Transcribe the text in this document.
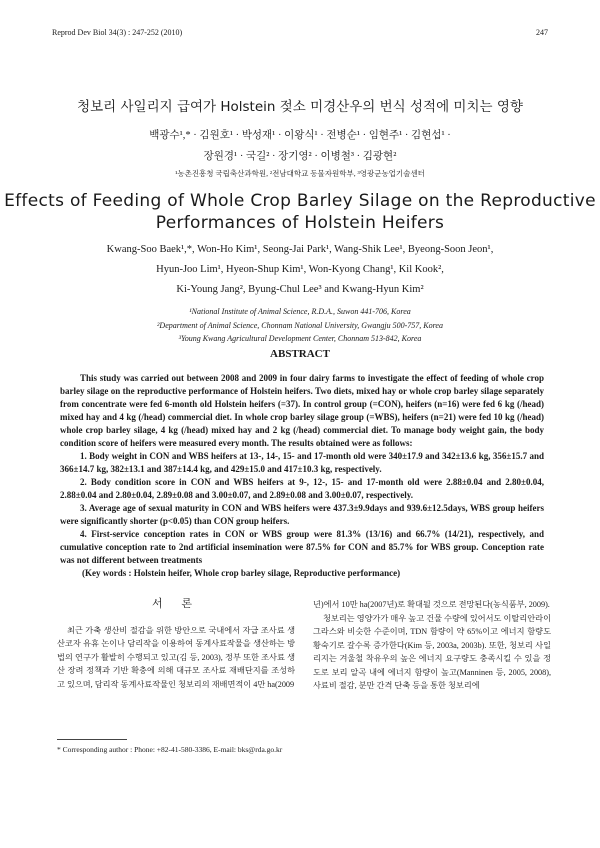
Reprod Dev Biol 34(3) : 247-252 (2010)	247
청보리 사일리지 급여가 Holstein 젖소 미경산우의 번식 성적에 미치는 영향
백광수¹,* · 김원호¹ · 박성재¹ · 이왕식¹ · 전병순¹ · 임현주¹ · 김현섭¹ ·
장원경¹ · 국길² · 장기영² · 이병철³ · 김광현²
¹농촌진흥청 국립축산과학원, ²전남대학교 동물자원학부, ³영광군농업기술센터
Effects of Feeding of Whole Crop Barley Silage on the Reproductive
Performances of Holstein Heifers
Kwang-Soo Baek¹,*, Won-Ho Kim¹, Seong-Jai Park¹, Wang-Shik Lee¹, Byeong-Soon Jeon¹,
Hyun-Joo Lim¹, Hyeon-Shup Kim¹, Won-Kyong Chang¹, Kil Kook²,
Ki-Young Jang², Byung-Chul Lee³ and Kwang-Hyun Kim²
¹National Institute of Animal Science, R.D.A., Suwon 441-706, Korea
²Department of Animal Science, Chonnam National University, Gwangju 500-757, Korea
³Young Kwang Agricultural Development Center, Chonnam 513-842, Korea
ABSTRACT

This study was carried out between 2008 and 2009 in four dairy farms to investigate the effect of feeding of whole crop barley silage on the reproductive performance of Holstein heifers. Two diets, mixed hay or whole crop barley silage separately from concentrate were fed 6-month old Holstein heifers (=37). In control group (=CON), heifers (n=16) were fed 6 kg (/head) mixed hay and 4 kg (/head) commercial diet. In whole crop barley silage group (=WBS), heifers (n=21) were fed 10 kg (/head) whole crop barley silage, 4 kg (/head) mixed hay and 2 kg (/head) commercial diet. To manage body weight gain, the body condition score of heifers were measured every month. The results obtained were as follows:

1. Body weight in CON and WBS heifers at 13-, 14-, 15- and 17-month old were 340±17.9 and 342±13.6 kg, 356±15.7 and 366±14.7 kg, 382±13.1 and 387±14.4 kg, and 429±15.0 and 417±10.3 kg, respectively.

2. Body condition score in CON and WBS heifers at 9-, 12-, 15- and 17-month old were 2.88±0.04 and 2.80±0.04, 2.88±0.04 and 2.80±0.04, 2.89±0.08 and 3.00±0.07, and 2.89±0.08 and 3.00±0.07, respectively.

3. Average age of sexual maturity in CON and WBS heifers were 437.3±9.9days and 939.6±12.5days, WBS group heifers were significantly shorter (p<0.05) than CON group heifers.

4. First-service conception rates in CON or WBS group were 81.3% (13/16) and 66.7% (14/21), respectively, and cumulative conception rate to 2nd artificial insemination were 87.5% for CON and 85.7% for WBS group. Conception rate was not different between treatments

(Key words : Holstein heifer, Whole crop barley silage, Reproductive performance)

서 론

최근 가축 생산비 절감을 위한 방안으로 국내에서 자급 조사료 생산코자 유휴 논이나 담리작을 이용하여 동계사료작물을 생산하는 방법의 연구가 활발히 수행되고 있고(김 등, 2003), 정부 또한 조사료 생산 장려 정책과 기반 확충에 의해 대규모 조사료 재배단지를 조성하고 있으며, 담리작 동계사료작물인 청보리의 재배면적이 4만 ha(2009

년)에서 10만 ha(2007년)로 확대될 것으로 전망된다(농식품부, 2009).

청보리는 영양가가 매우 높고 건물 수량에 있어서도 이탈리안라이그라스와 비슷한 수준이며, TDN 함량이 약 65%이고 에너지 함량도 황숙기로 갈수록 증가한다(Kim 등, 2003a, 2003b). 또한, 청보리 사일리지는 겨울철 착유우의 높은 에너지 요구량도 충족시킬 수 있을 정도로 보리 알곡 내에 에너지 함량이 높고(Manninen 등, 2005, 2008), 사료비 절감, 분만 간격 단축 등을 통한 청보리에

* Corresponding author : Phone: +82-41-580-3386, E-mail: bks@rda.go.kr
